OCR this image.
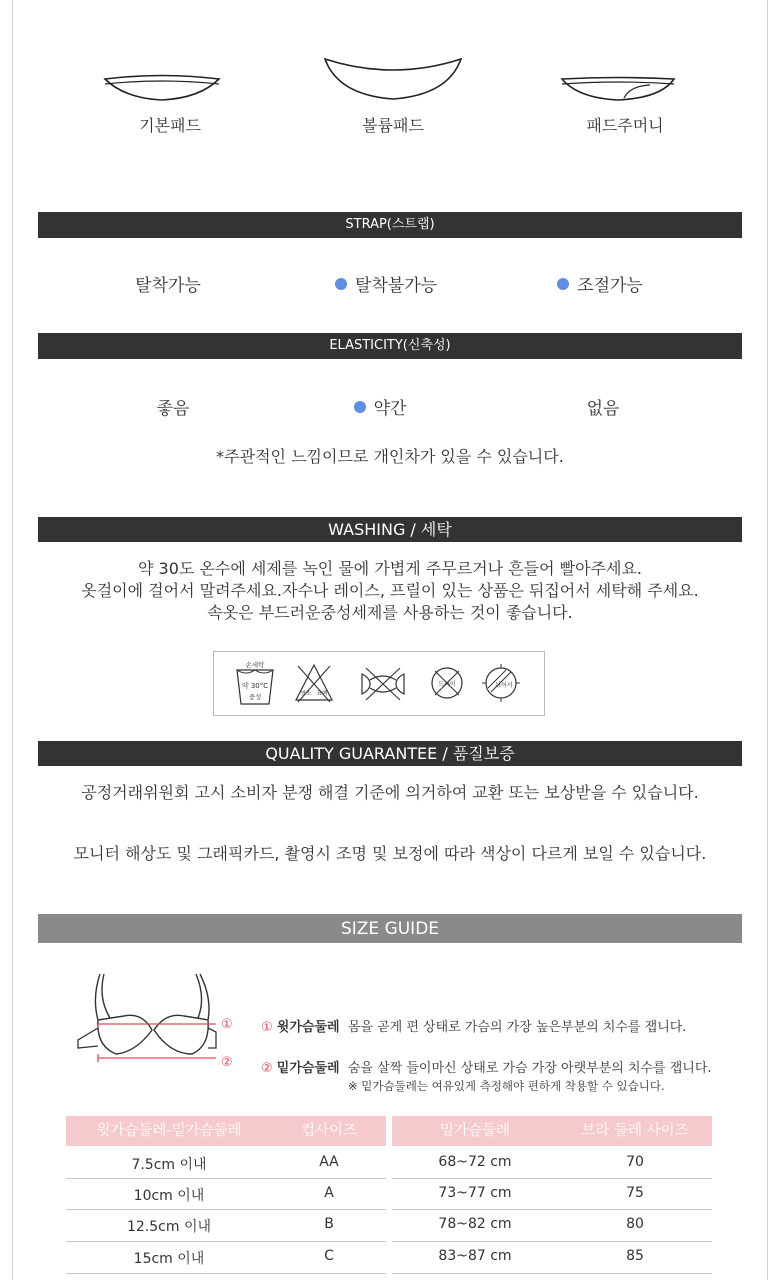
기본패드	볼륨패드	패드주머니
STRAP(스트랩)
탈착가능	탈착불가능	조절가능
ELASTICITY(신축성)
좋음	약간	없음
*주관적인 느낌이므로 개인차가 있을 수 있습니다.
WASHING / 세탁
약 30도 온수에 세제를 녹인 물에 가볍게 주무르거나 흔들어 빨아주세요.
옷걸이에 걸어서 말려주세요.자수나 레이스, 프릴이 있는 상품은 뒤집어서 세탁해 주세요.
속옷은 부드러운중성세제를 사용하는 것이 좋습니다.
손세탁
약 30°C
중성	염소 표백
드라이	뉘어서
QUALITY GUARANTEE / 품질보증
공정거래위원회 고시 소비자 분쟁 해결 기준에 의거하여 교환 또는 보상받을 수 있습니다.
모니터 해상도 및 그래픽카드, 촬영시 조명 및 보정에 따라 색상이 다르게 보일 수 있습니다.
SIZE GUIDE
①
②
① 윗가슴둘레 몸을 곧게 편 상태로 가슴의 가장 높은부분의 치수를 잽니다.
② 밑가슴둘레 숨을 살짝 들이마신 상태로 가슴 가장 아랫부분의 치수를 잽니다.
※ 밑가슴둘레는 여유있게 측정해야 편하게 착용할 수 있습니다.
윗가슴둘레-밑가슴둘레	컵사이즈	밑가슴둘레	브라 둘레 사이즈
7.5cm 이내	AA
10cm 이내	A
12.5cm 이내	B
15cm 이내	C
68~72 cm	70
73~77 cm	75
78~82 cm	80
83~87 cm	85
